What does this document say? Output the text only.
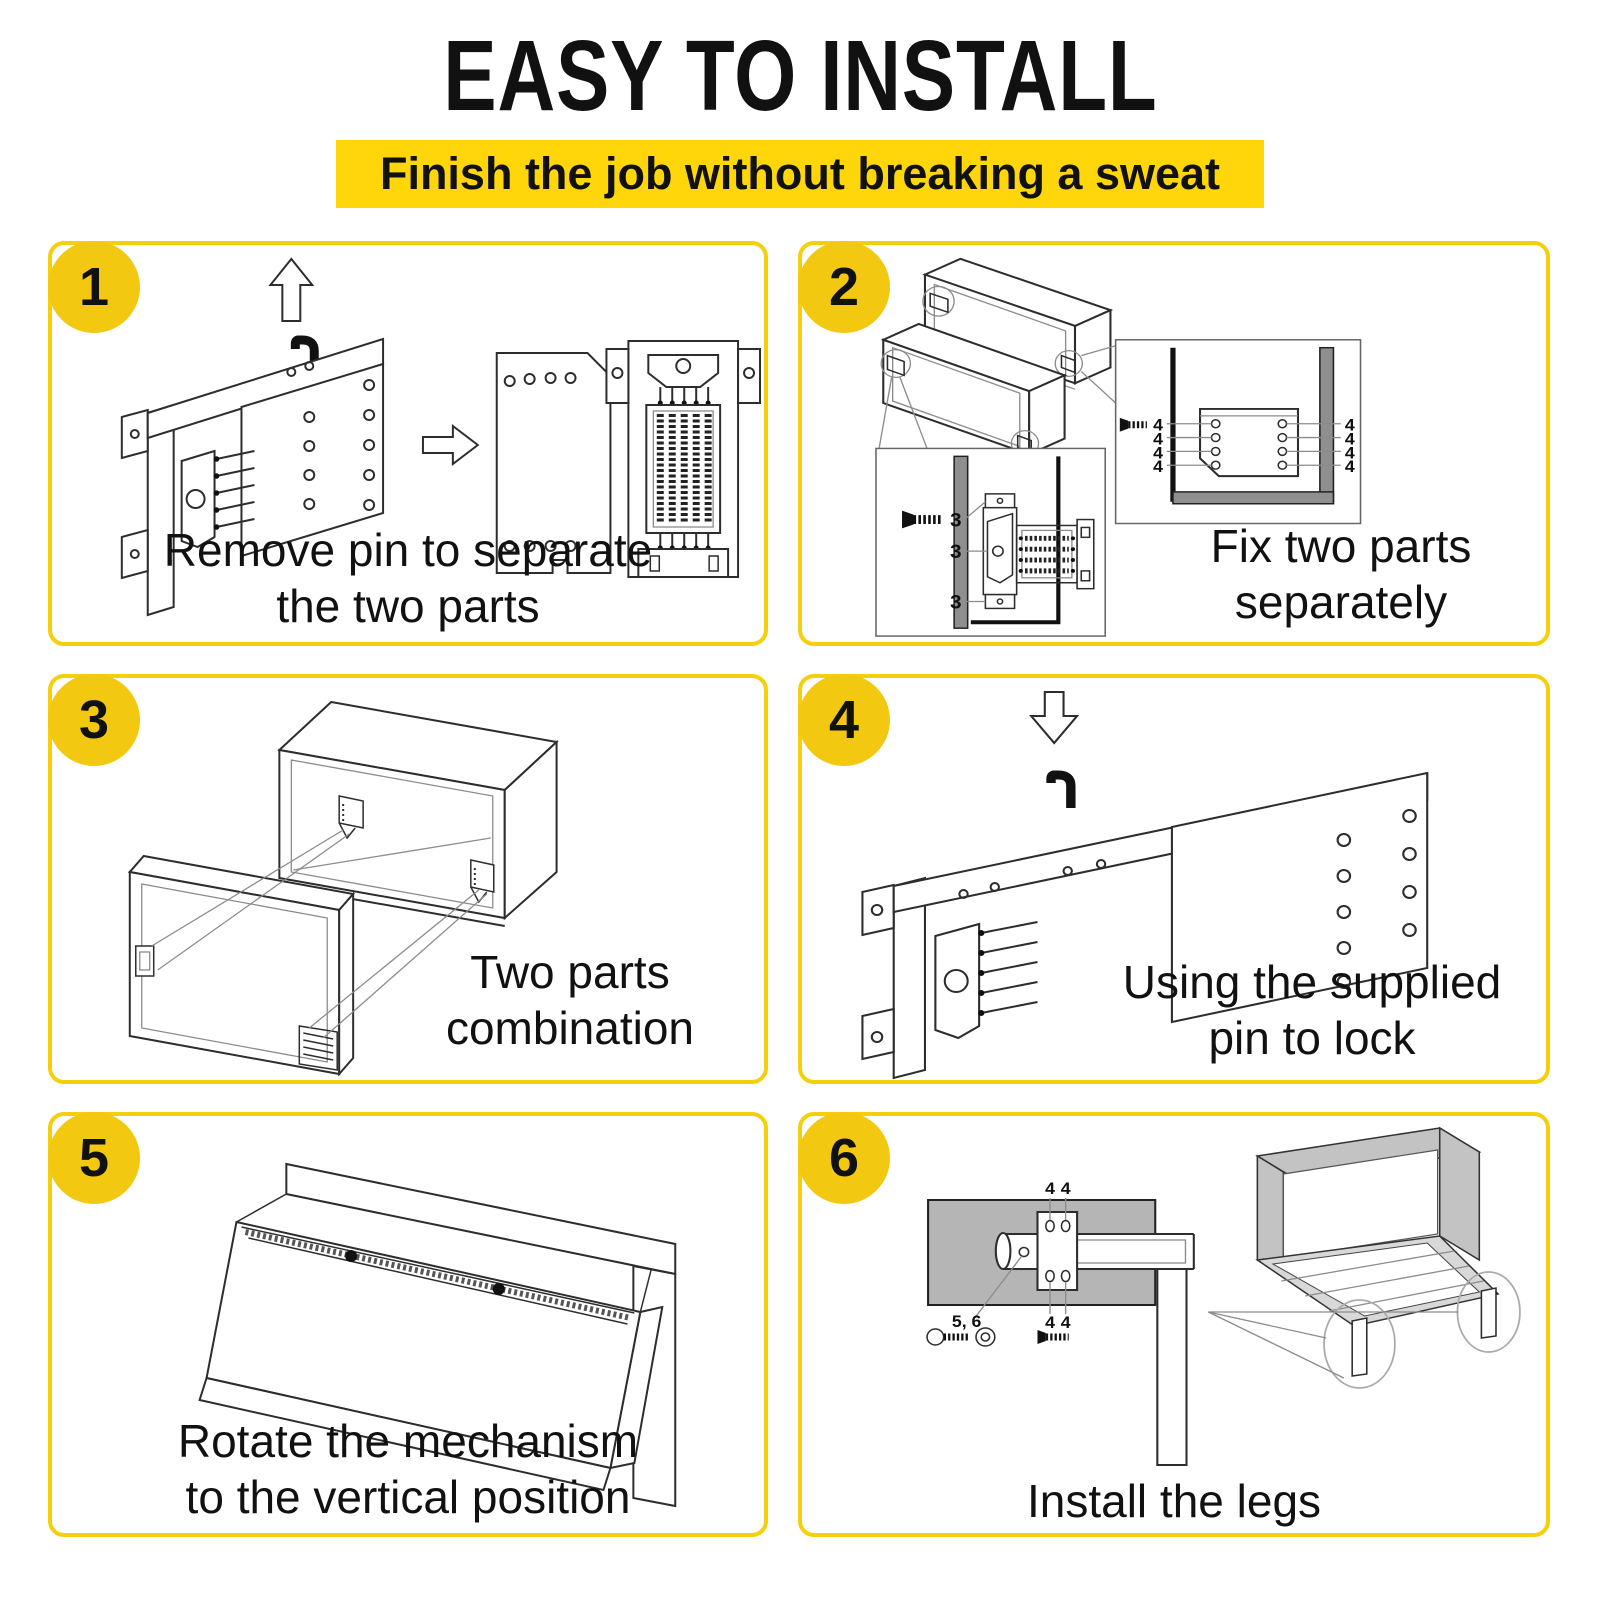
EASY TO INSTALL
Finish the job without breaking a sweat
1
Remove pin to separate
the two parts
3
3
3
4
4
4
4
4
4
4
4
2
Fix two parts
separately
3
Two parts
combination
4
Using the supplied
pin to lock
5
Rotate the mechanism
to the vertical position
4 4
4 4
5, 6
6
Install the legs
